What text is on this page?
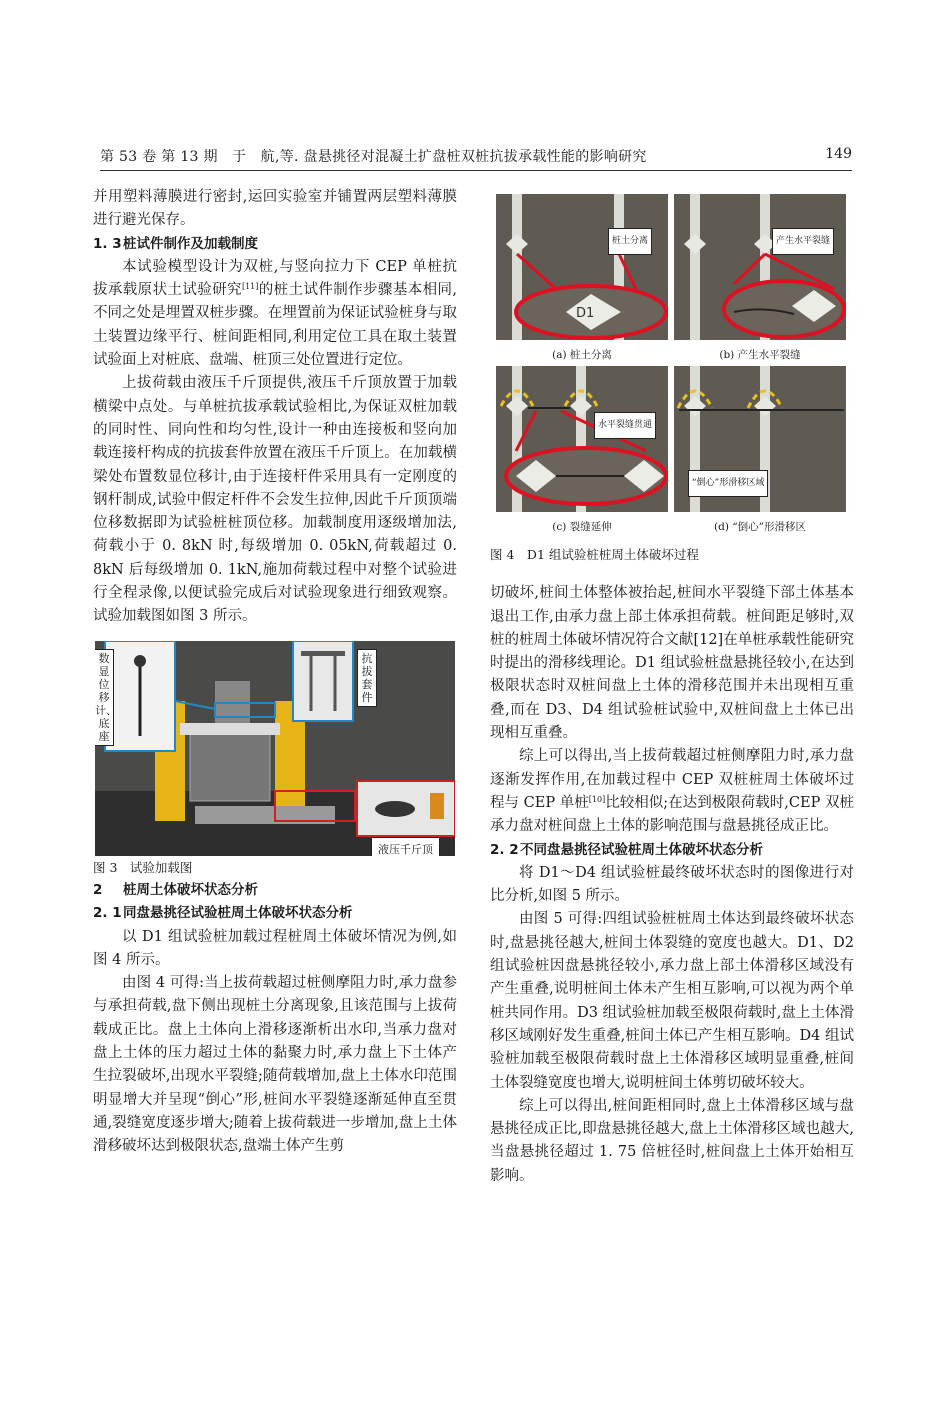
第 53 卷 第 13 期　于　航,等. 盘悬挑径对混凝土扩盘桩双桩抗拔承载性能的影响研究	149

并用塑料薄膜进行密封,运回实验室并铺置两层塑料薄膜进行避光保存。

1. 3桩试件制作及加载制度

本试验模型设计为双桩,与竖向拉力下 CEP 单桩抗拔承载原状土试验研究[11]的桩土试件制作步骤基本相同,不同之处是埋置双桩步骤。在埋置前为保证试验桩身与取土装置边缘平行、桩间距相同,利用定位工具在取土装置试验面上对桩底、盘端、桩顶三处位置进行定位。

上拔荷载由液压千斤顶提供,液压千斤顶放置于加载横梁中点处。与单桩抗拔承载试验相比,为保证双桩加载的同时性、同向性和均匀性,设计一种由连接板和竖向加载连接杆构成的抗拔套件放置在液压千斤顶上。在加载横梁处布置数显位移计,由于连接杆件采用具有一定刚度的钢杆制成,试验中假定杆件不会发生拉伸,因此千斤顶顶端位移数据即为试验桩桩顶位移。加载制度用逐级增加法,荷载小于 0. 8kN 时,每级增加 0. 05kN,荷载超过 0. 8kN 后每级增加 0. 1kN,施加荷载过程中对整个试验进行全程录像,以便试验完成后对试验现象进行细致观察。试验加载图如图 3 所示。

数显位移计、底座
抗拔套件
液压千斤顶

图 3　试验加载图

2 桩周土体破坏状态分析

2. 1同盘悬挑径试验桩周土体破坏状态分析

以 D1 组试验桩加载过程桩周土体破坏情况为例,如图 4 所示。

由图 4 可得:当上拔荷载超过桩侧摩阻力时,承力盘参与承担荷载,盘下侧出现桩土分离现象,且该范围与上拔荷载成正比。盘上土体向上滑移逐渐析出水印,当承力盘对盘上土体的压力超过土体的黏聚力时,承力盘上下土体产生拉裂破坏,出现水平裂缝;随荷载增加,盘上土体水印范围明显增大并呈现“倒心”形,桩间水平裂缝逐渐延伸直至贯通,裂缝宽度逐步增大;随着上拔荷载进一步增加,盘上土体滑移破坏达到极限状态,盘端土体产生剪

D1
桩土分离	产生水平裂缝
(a) 桩土分离	(b) 产生水平裂缝
水平裂缝贯通
“倒心”形滑移区域
(c) 裂缝延伸	(d) “倒心”形滑移区

图 4　D1 组试验桩桩周土体破坏过程

切破坏,桩间土体整体被抬起,桩间水平裂缝下部土体基本退出工作,由承力盘上部土体承担荷载。桩间距足够时,双桩的桩周土体破坏情况符合文献[12]在单桩承载性能研究时提出的滑移线理论。D1 组试验桩盘悬挑径较小,在达到极限状态时双桩间盘上土体的滑移范围并未出现相互重叠,而在 D3、D4 组试验桩试验中,双桩间盘上土体已出现相互重叠。

综上可以得出,当上拔荷载超过桩侧摩阻力时,承力盘逐渐发挥作用,在加载过程中 CEP 双桩桩周土体破坏过程与 CEP 单桩[10]比较相似;在达到极限荷载时,CEP 双桩承力盘对桩间盘上土体的影响范围与盘悬挑径成正比。

2. 2不同盘悬挑径试验桩周土体破坏状态分析

将 D1～D4 组试验桩最终破坏状态时的图像进行对比分析,如图 5 所示。

由图 5 可得:四组试验桩桩周土体达到最终破坏状态时,盘悬挑径越大,桩间土体裂缝的宽度也越大。D1、D2 组试验桩因盘悬挑径较小,承力盘上部土体滑移区域没有产生重叠,说明桩间土体未产生相互影响,可以视为两个单桩共同作用。D3 组试验桩加载至极限荷载时,盘上土体滑移区域刚好发生重叠,桩间土体已产生相互影响。D4 组试验桩加载至极限荷载时盘上土体滑移区域明显重叠,桩间土体裂缝宽度也增大,说明桩间土体剪切破坏较大。

综上可以得出,桩间距相同时,盘上土体滑移区域与盘悬挑径成正比,即盘悬挑径越大,盘上土体滑移区域也越大,当盘悬挑径超过 1. 75 倍桩径时,桩间盘上土体开始相互影响。
